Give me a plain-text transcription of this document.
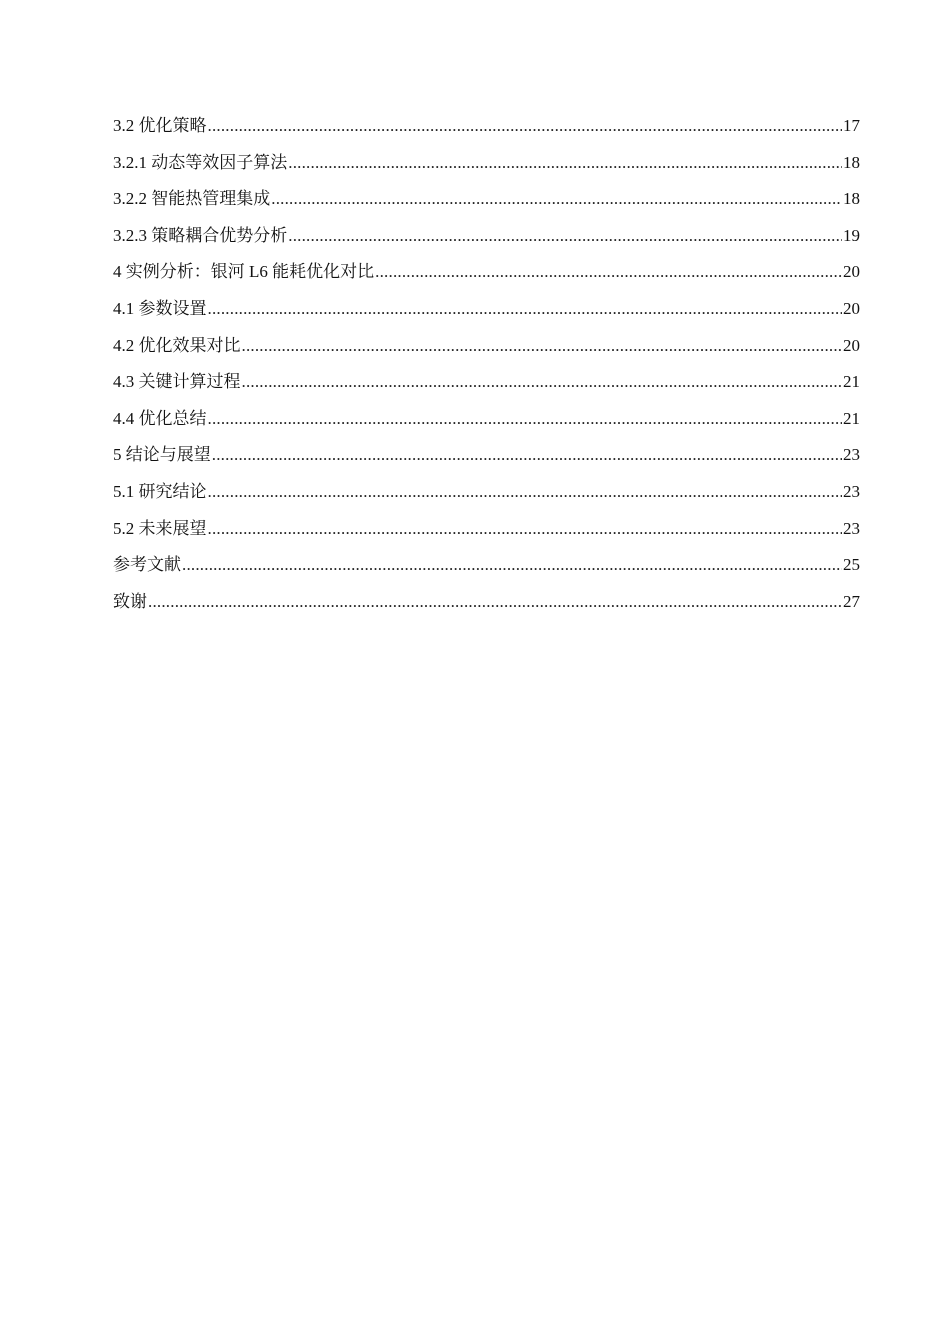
3.2 优化策略 .....	17
3.2.1 动态等效因子算法 .....	18
3.2.2 智能热管理集成 .....	18
3.2.3 策略耦合优势分析 .....	19
4 实例分析：银河 L6 能耗优化对比 .....	20
4.1 参数设置 .....	20
4.2 优化效果对比 .....	20
4.3 关键计算过程 .....	21
4.4 优化总结 .....	21
5 结论与展望 .....	23
5.1 研究结论 .....	23
5.2 未来展望 .....	23
参考文献 .....	25
致谢 .....	27
